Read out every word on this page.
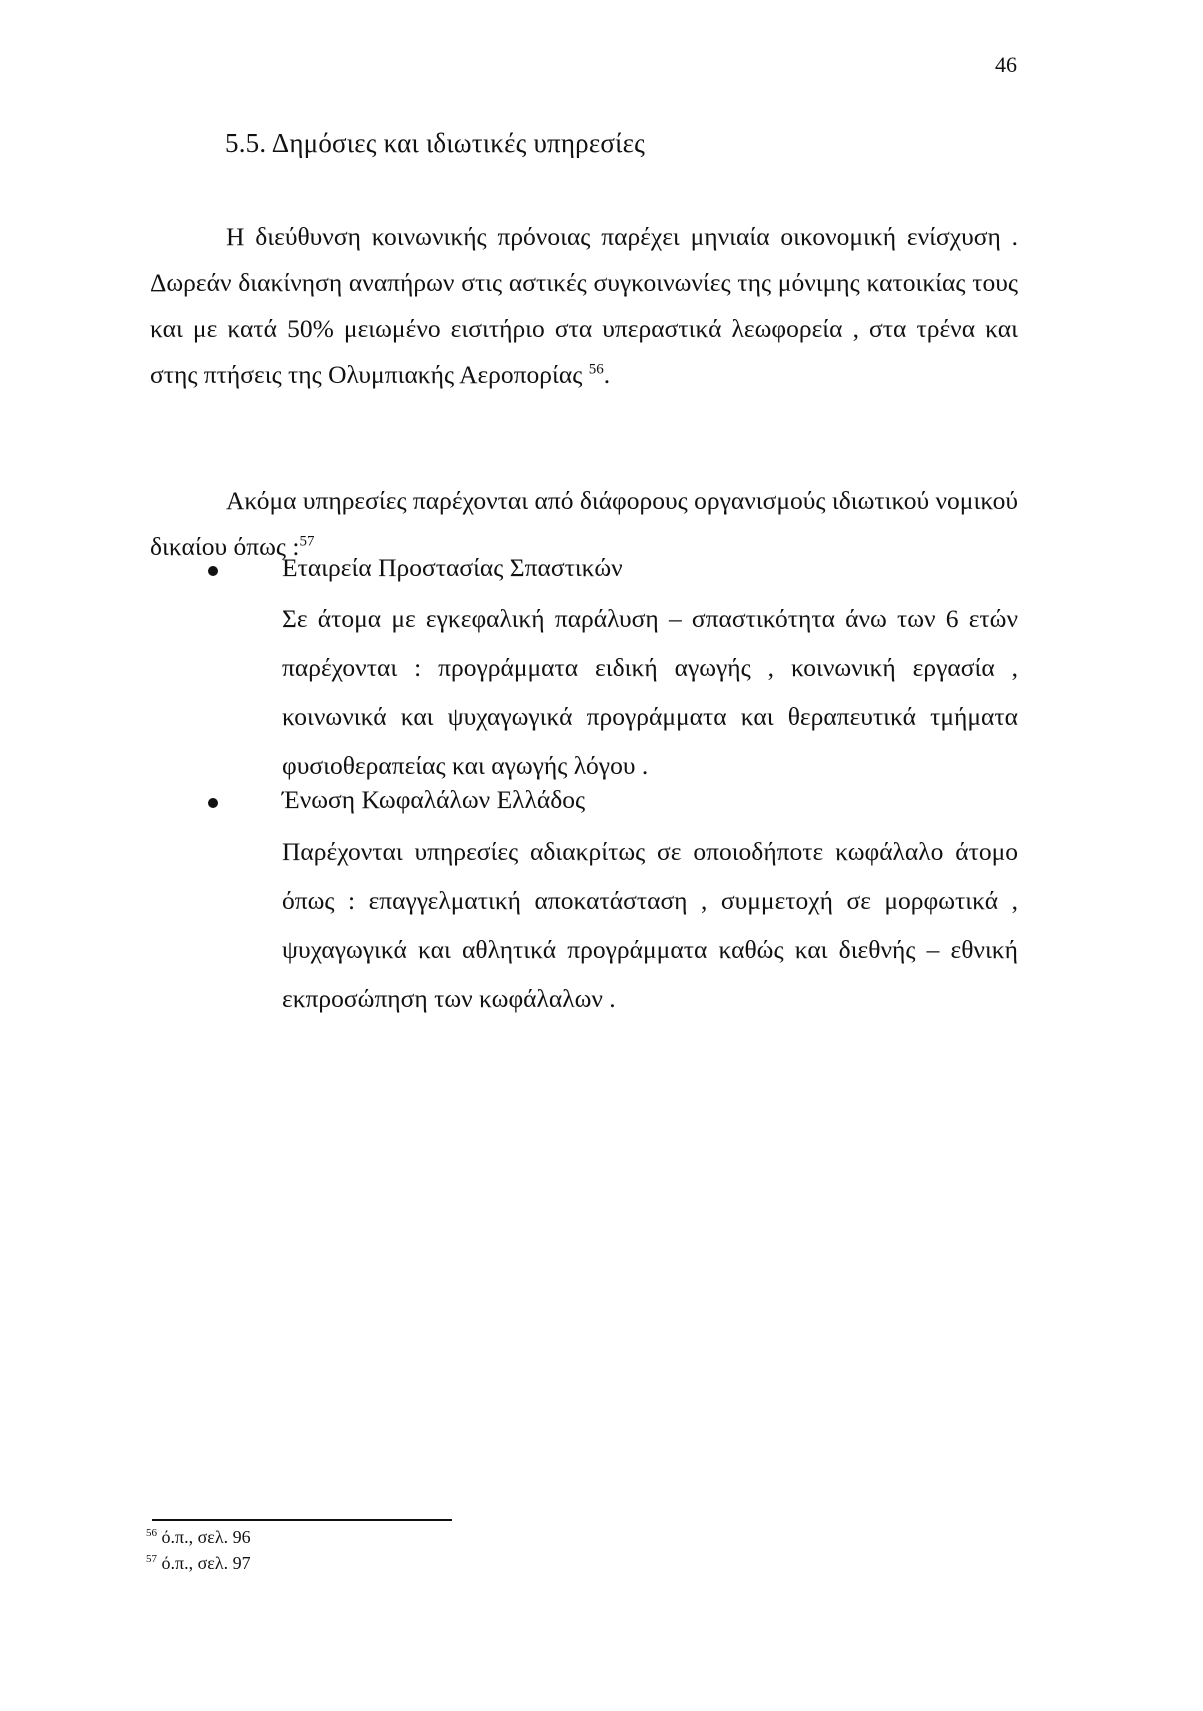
46
5.5. Δημόσιες και ιδιωτικές υπηρεσίες

Η διεύθυνση κοινωνικής πρόνοιας παρέχει μηνιαία οικονομική ενίσχυση . Δωρεάν διακίνηση αναπήρων στις αστικές συγκοινωνίες της μόνιμης κατοικίας τους και με κατά 50% μειωμένο εισιτήριο στα υπεραστικά λεωφορεία , στα τρένα και στης πτήσεις της Ολυμπιακής Αεροπορίας $^{56}$.

Ακόμα υπηρεσίες παρέχονται από διάφορους οργανισμούς ιδιωτικού νομικού δικαίου όπως :$^{57}$

Εταιρεία Προστασίας Σπαστικών
Σε άτομα με εγκεφαλική παράλυση – σπαστικότητα άνω των 6 ετών παρέχονται : προγράμματα ειδική αγωγής , κοινωνική εργασία , κοινωνικά και ψυχαγωγικά προγράμματα και θεραπευτικά τμήματα φυσιοθεραπείας και αγωγής λόγου .
Ένωση Κωφαλάλων Ελλάδος
Παρέχονται υπηρεσίες αδιακρίτως σε οποιοδήποτε κωφάλαλο άτομο όπως : επαγγελματική αποκατάσταση , συμμετοχή σε μορφωτικά , ψυχαγωγικά και αθλητικά προγράμματα καθώς και διεθνής – εθνική εκπροσώπηση των κωφάλαλων .
$^{56}$ ό.π., σελ. 96
$^{57}$ ό.π., σελ. 97
